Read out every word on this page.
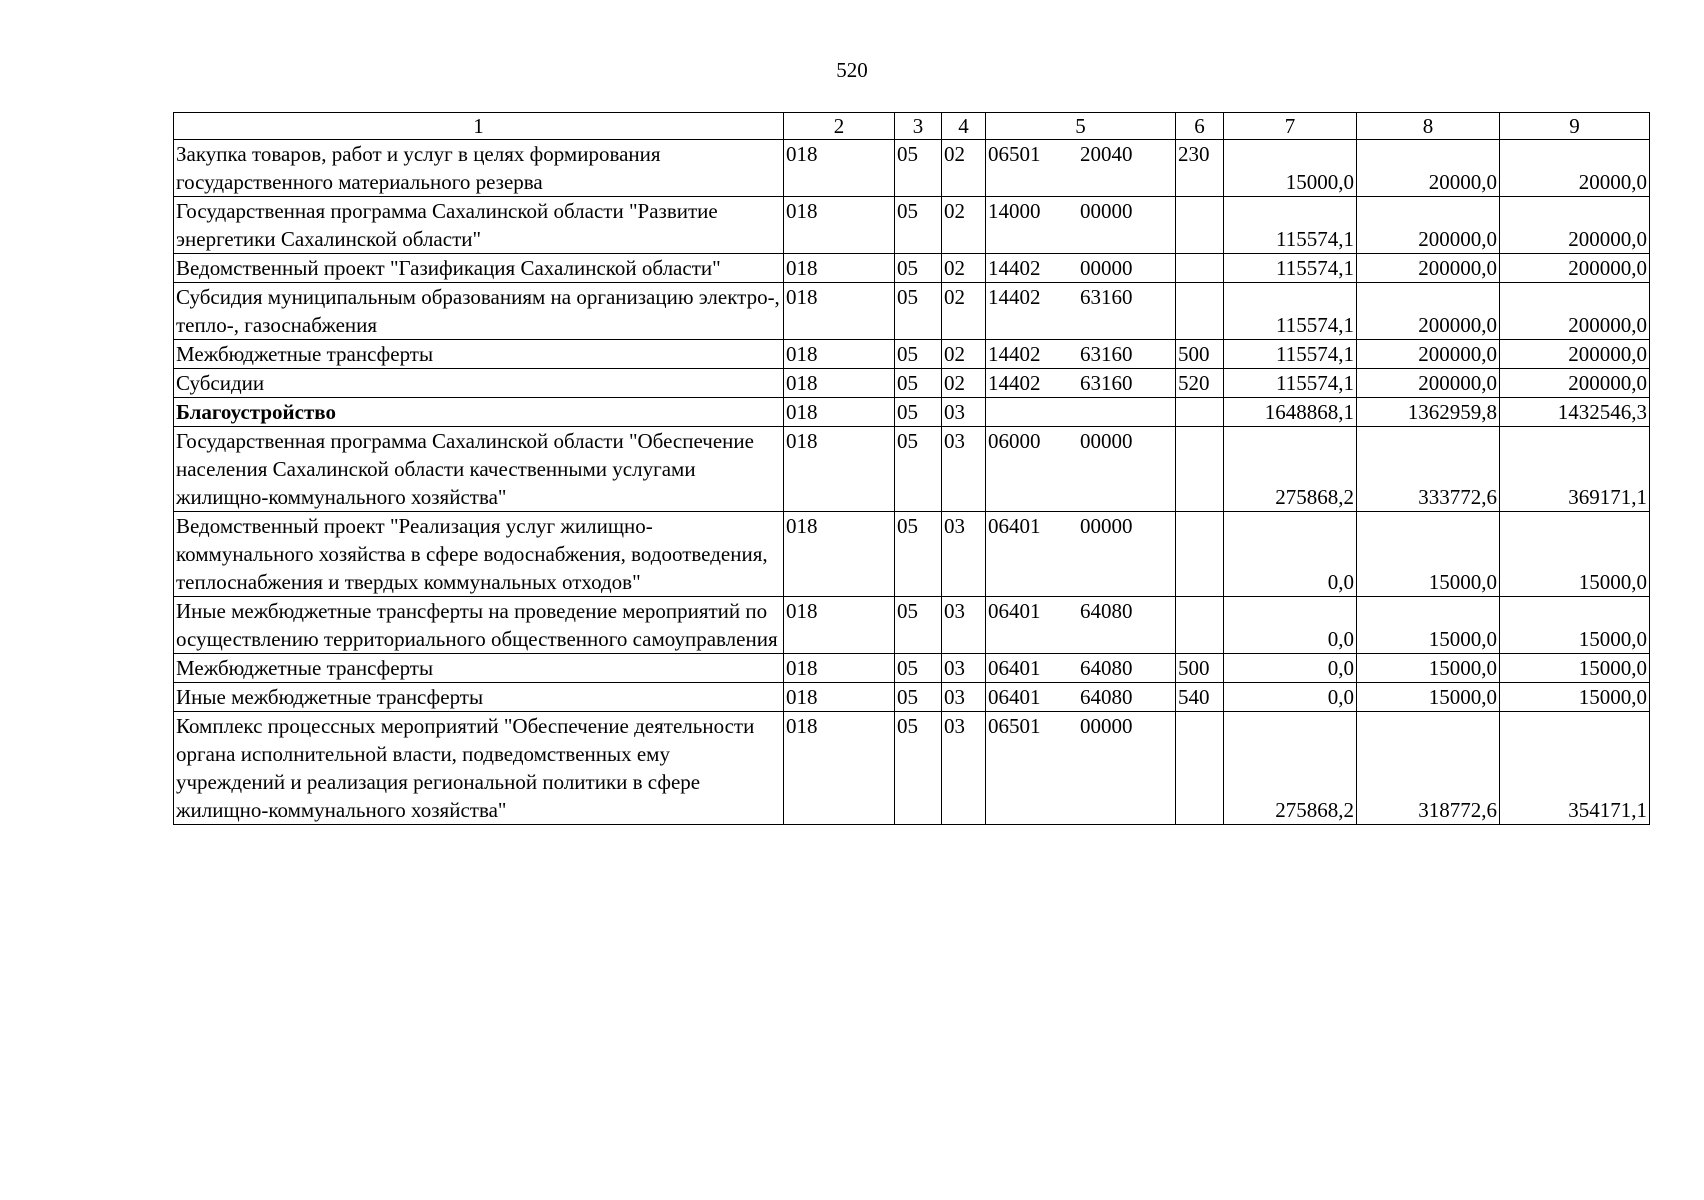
520
1	2	3	4	5	6	7	8	9
Закупка товаров, работ и услуг в целях формирования государственного материального резерва	018	05	02	06501 20040	230	15000,0	20000,0	20000,0
Государственная программа Сахалинской области "Развитие энергетики Сахалинской области"	018	05	02	14000 00000		115574,1	200000,0	200000,0
Ведомственный проект "Газификация Сахалинской области"	018	05	02	14402 00000		115574,1	200000,0	200000,0
Субсидия муниципальным образованиям на организацию электро-, тепло-, газоснабжения	018	05	02	14402 63160		115574,1	200000,0	200000,0
Межбюджетные трансферты	018	05	02	14402 63160	500	115574,1	200000,0	200000,0
Субсидии	018	05	02	14402 63160	520	115574,1	200000,0	200000,0
Благоустройство	018	05	03			1648868,1	1362959,8	1432546,3
Государственная программа Сахалинской области "Обеспечение населения Сахалинской области качественными услугами жилищно-коммунального хозяйства"	018	05	03	06000 00000		275868,2	333772,6	369171,1
Ведомственный проект "Реализация услуг жилищно-коммунального хозяйства в сфере водоснабжения, водоотведения, теплоснабжения и твердых коммунальных отходов"	018	05	03	06401 00000		0,0	15000,0	15000,0
Иные межбюджетные трансферты на проведение мероприятий по осуществлению территориального общественного самоуправления	018	05	03	06401 64080		0,0	15000,0	15000,0
Межбюджетные трансферты	018	05	03	06401 64080	500	0,0	15000,0	15000,0
Иные межбюджетные трансферты	018	05	03	06401 64080	540	0,0	15000,0	15000,0
Комплекс процессных мероприятий "Обеспечение деятельности органа исполнительной власти, подведомственных ему учреждений и реализация региональной политики в сфере жилищно-коммунального хозяйства"	018	05	03	06501 00000		275868,2	318772,6	354171,1
